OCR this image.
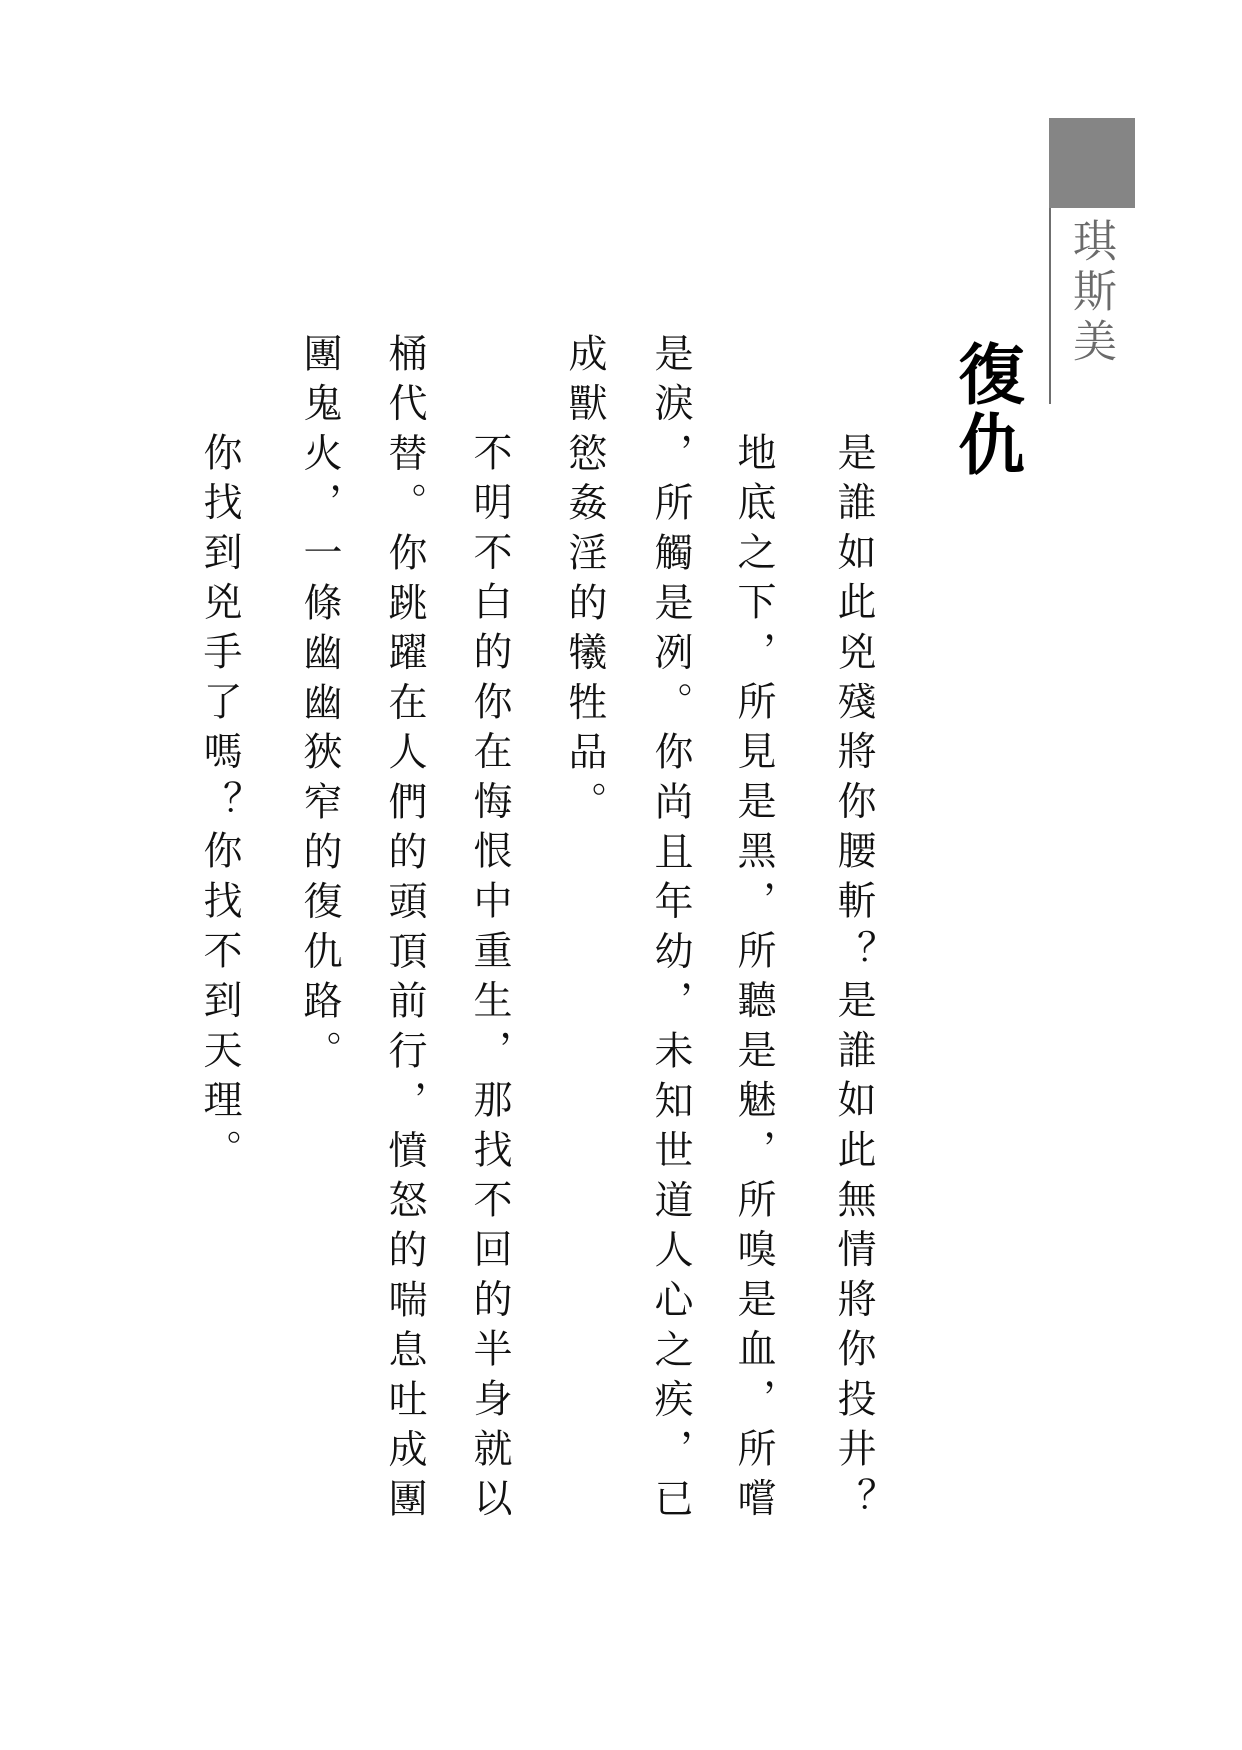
琪斯美
復仇
是誰如此兇殘將你腰斬？是誰如此無情將你投井？
地底之下，所見是黑，所聽是魅，所嗅是血，所嚐
是淚，所觸是冽。你尚且年幼，未知世道人心之疾，已
成獸慾姦淫的犧牲品。
不明不白的你在悔恨中重生，那找不回的半身就以
桶代替。你跳躍在人們的頭頂前行，憤怒的喘息吐成團
團鬼火，一條幽幽狹窄的復仇路。
你找到兇手了嗎？你找不到天理。
